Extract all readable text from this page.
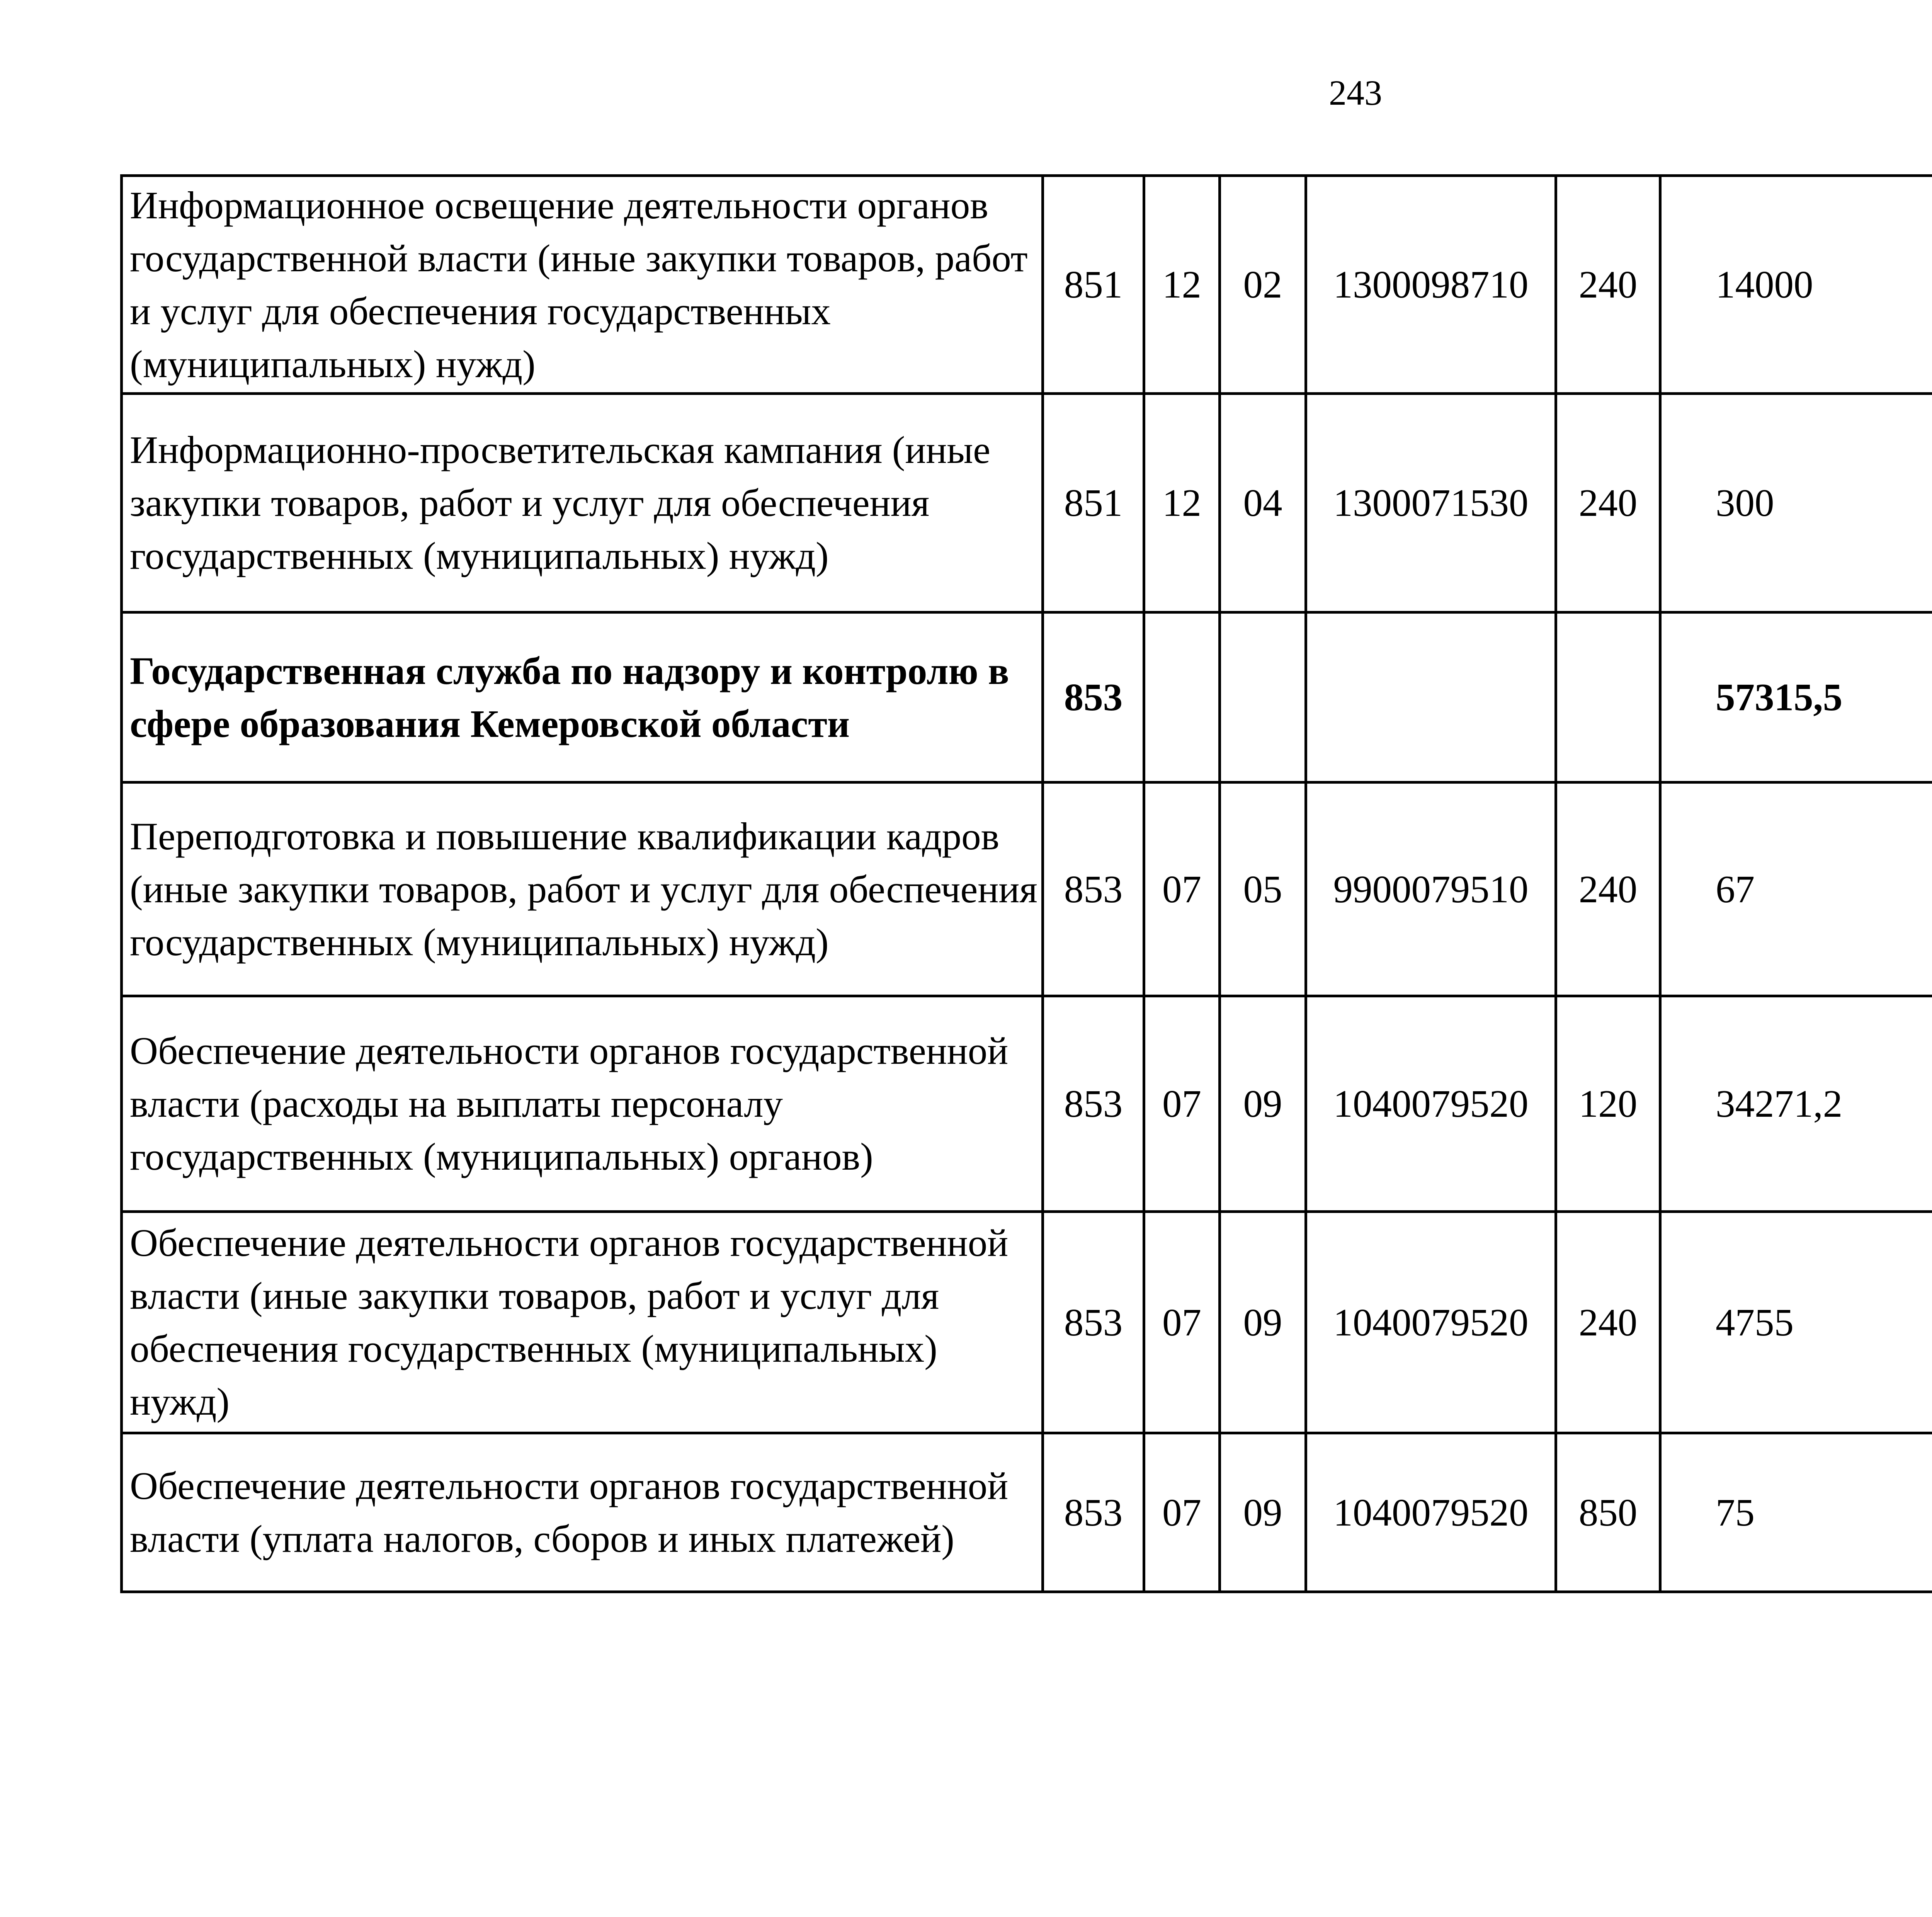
243
Информационное освещение деятельности органов государственной власти (иные закупки товаров, работ и услуг для обеспечения государственных (муниципальных) нужд)	851	12	02	1300098710	240	14000		
Информационно-просветительская кампания (иные закупки товаров, работ и услуг для обеспечения государственных (муниципальных) нужд)	851	12	04	1300071530	240	300		
Государственная служба по надзору и контролю в сфере образования Кемеровской области	853					57315,5		
Переподготовка и повышение квалификации кадров (иные закупки товаров, работ и услуг для обеспечения государственных (муниципальных) нужд)	853	07	05	9900079510	240	67		
Обеспечение деятельности органов государственной власти (расходы на выплаты персоналу государственных (муниципальных) органов)	853	07	09	1040079520	120	34271,2		
Обеспечение деятельности органов государственной власти (иные закупки товаров, работ и услуг для обеспечения государственных (муниципальных) нужд)	853	07	09	1040079520	240	4755		
Обеспечение деятельности органов государственной власти (уплата налогов, сборов и иных платежей)	853	07	09	1040079520	850	75		
